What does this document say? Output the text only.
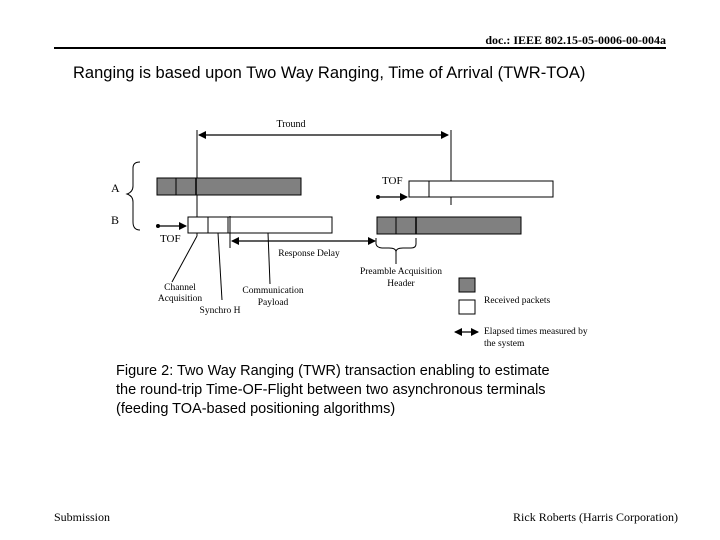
doc.: IEEE 802.15-05-0006-00-004a
Ranging is based upon Two Way Ranging, Time of Arrival (TWR-TOA)
Tround
A
B
TOF
TOF
Response Delay
Preamble Acquisition
Header
Channel
Acquisition
Synchro H
Communication
Payload	Received packets
Elapsed times measured by
the system
Figure 2: Two Way Ranging (TWR) transaction enabling to estimate
the round-trip Time-OF-Flight between two asynchronous terminals
(feeding TOA-based positioning algorithms)
Submission	Rick Roberts (Harris Corporation)
